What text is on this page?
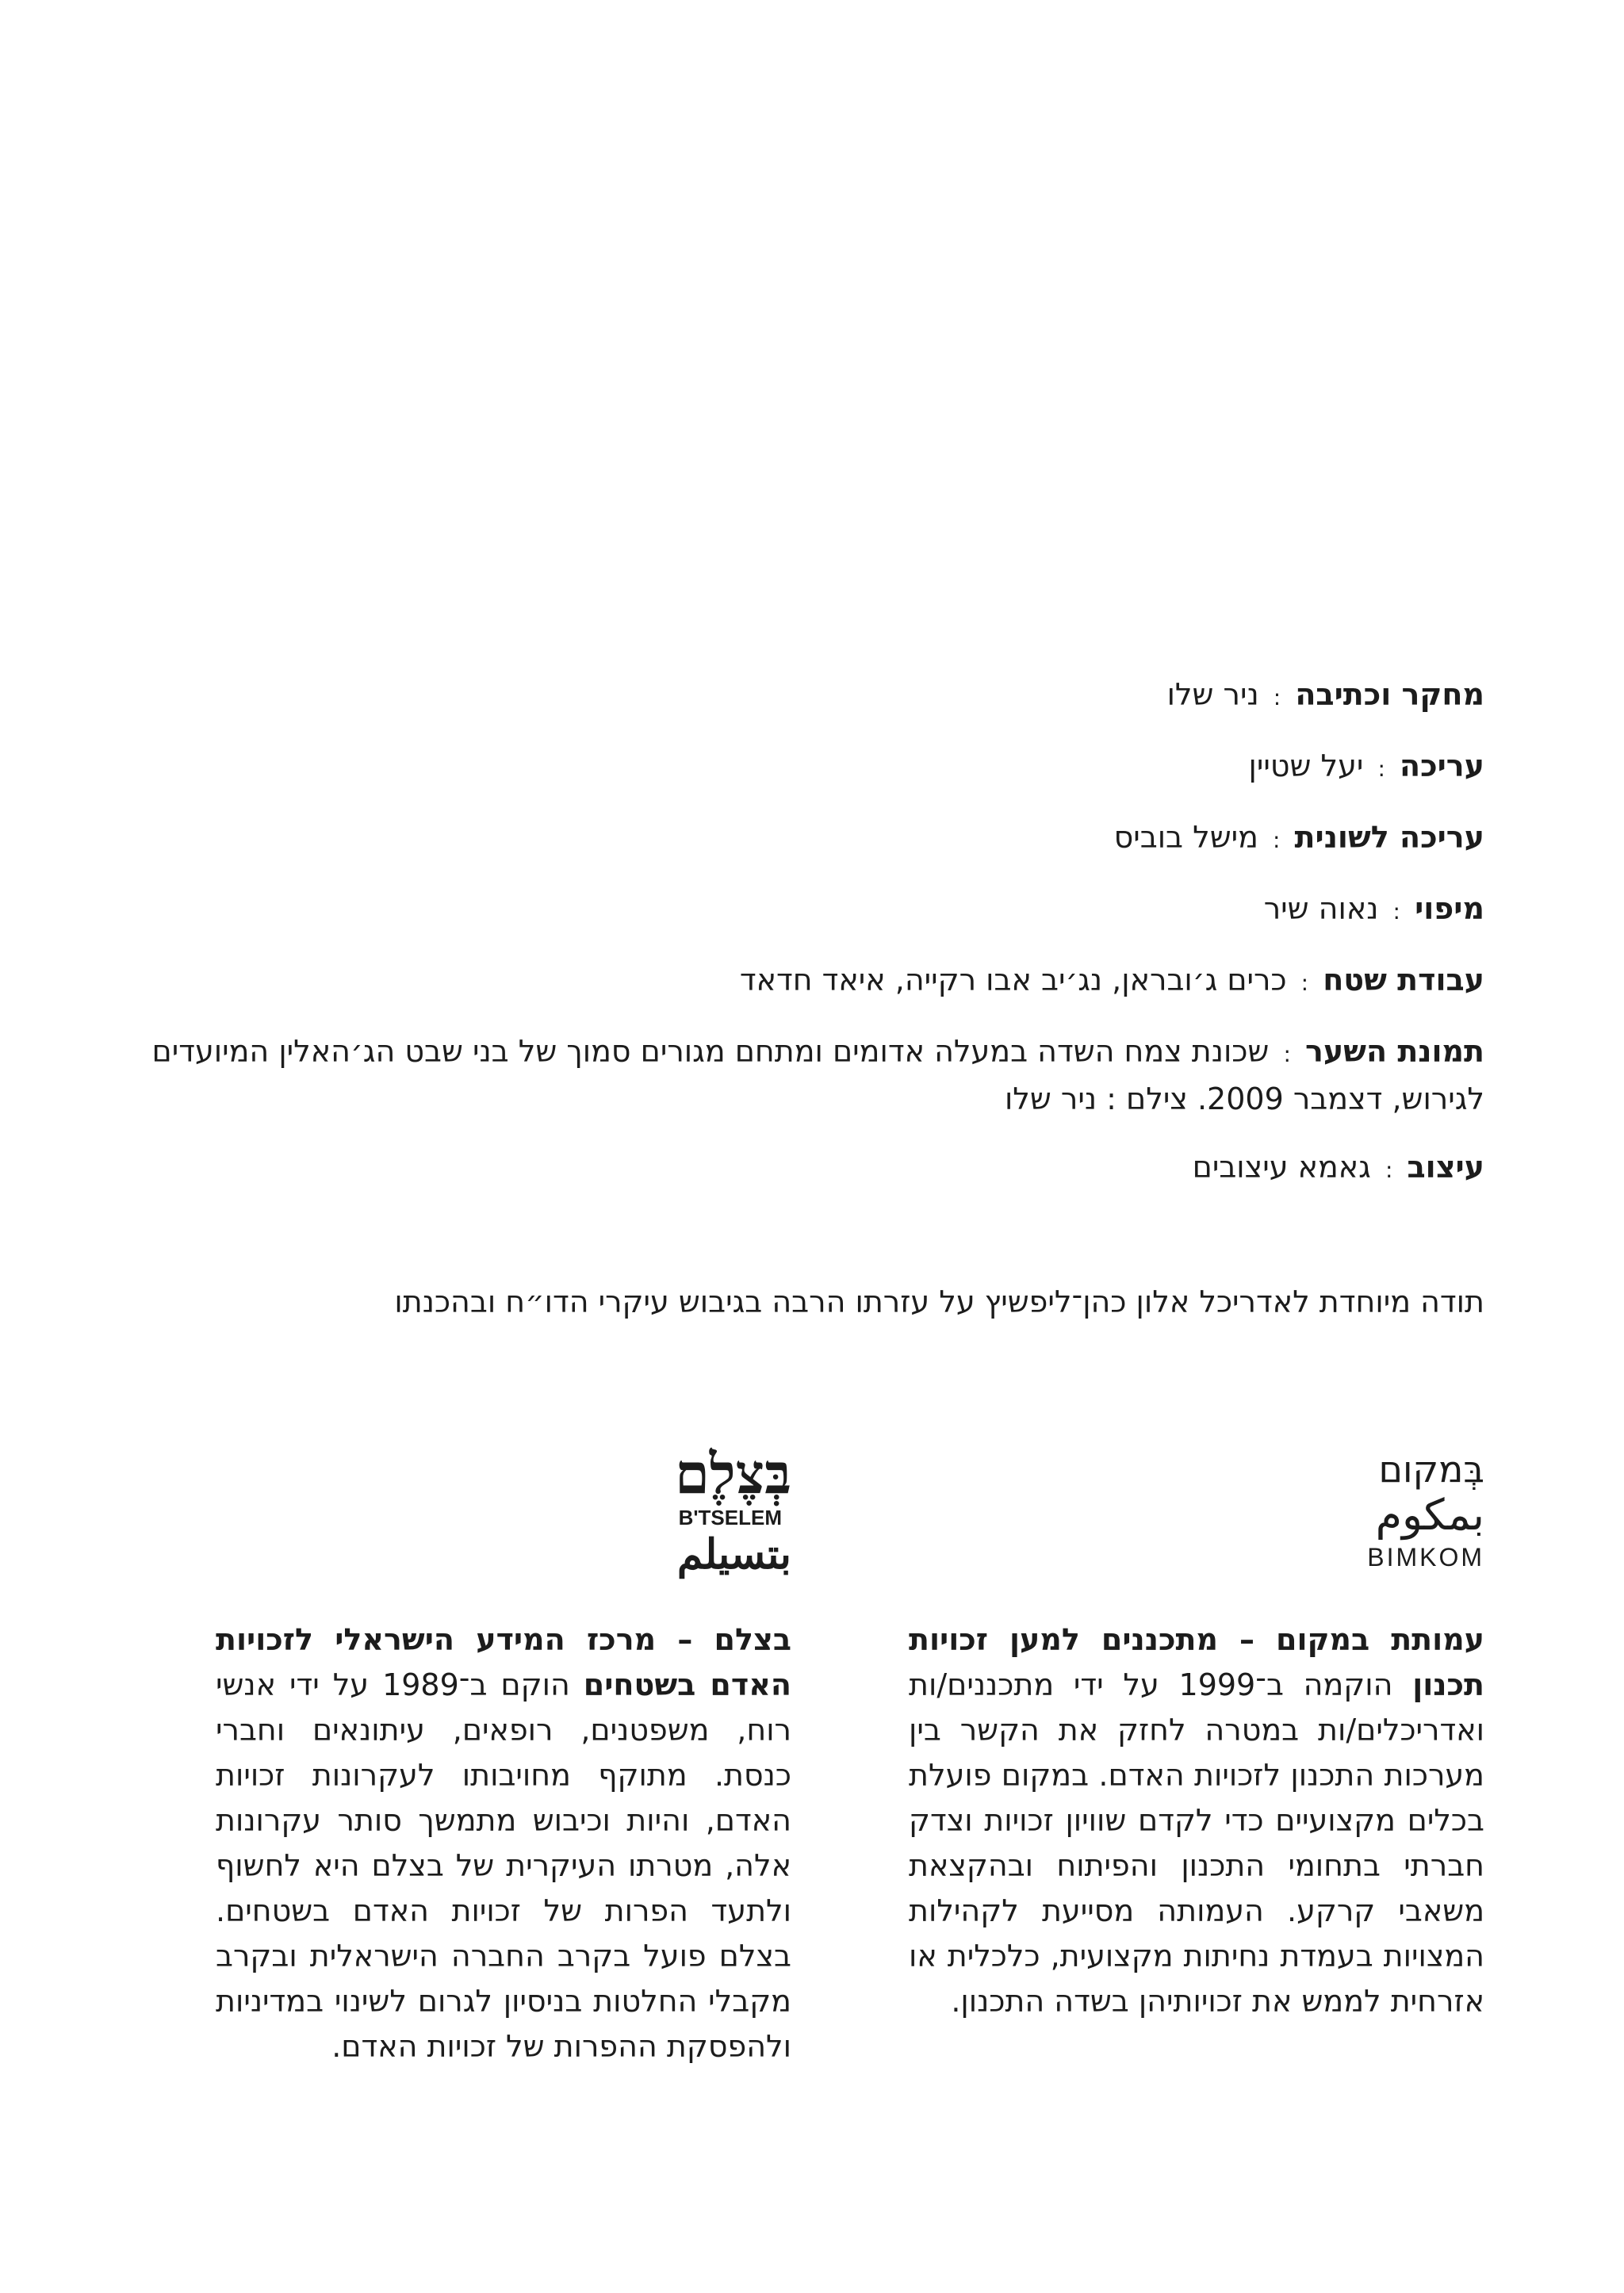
מחקר וכתיבה : ניר שלו

עריכה : יעל שטיין

עריכה לשונית : מישל בוביס

מיפוי : נאוה שיר

עבודת שטח : כרים ג׳ובראן, נג׳יב אבו רקייה, איאד חדאד

תמונת השער : שכונת צמח השדה במעלה אדומים ומתחם מגורים סמוך של בני שבט הג׳האלין המיועדים לגירוש, דצמבר 2009. צילם : ניר שלו

עיצוב : גאמא עיצובים

תודה מיוחדת לאדריכל אלון כהן־ליפשיץ על עזרתו הרבה בגיבוש עיקרי הדו״ח ובהכנתו

בְּמקום
بمكوم
BIMKOM
בְּצֶלֶם
B'TSELEM
بتسيلم

עמותת במקום – מתכננים למען זכויות תכנון הוקמה ב־1999 על ידי מתכננים/ות ואדריכלים/ות במטרה לחזק את הקשר בין מערכות התכנון לזכויות האדם. במקום פועלת בכלים מקצועיים כדי לקדם שוויון זכויות וצדק חברתי בתחומי התכנון והפיתוח ובהקצאת משאבי קרקע. העמותה מסייעת לקהילות המצויות בעמדת נחיתות מקצועית, כלכלית או אזרחית לממש את זכויותיהן בשדה התכנון.

בצלם – מרכז המידע הישראלי לזכויות האדם בשטחים הוקם ב־1989 על ידי אנשי רוח, משפטנים, רופאים, עיתונאים וחברי כנסת. מתוקף מחויבותו לעקרונות זכויות האדם, והיות וכיבוש מתמשך סותר עקרונות אלה, מטרתו העיקרית של בצלם היא לחשוף ולתעד הפרות של זכויות האדם בשטחים. בצלם פועל בקרב החברה הישראלית ובקרב מקבלי החלטות בניסיון לגרום לשינוי במדיניות ולהפסקת ההפרות של זכויות האדם.
